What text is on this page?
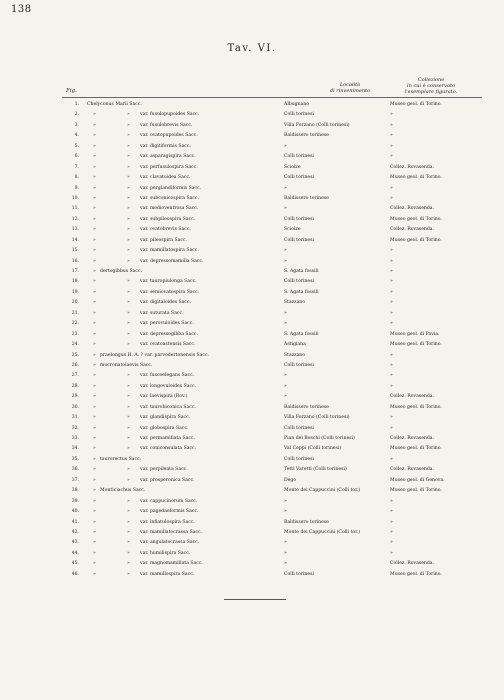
138
Tav. VI.
Fig.
Località
di rinvenimento
Collezione
in cui è conservato
l'esemplare figurato.
1. Chelyconus Marii Sacc.	Albugnano	Museo geol. di Torino.
2.	»	» var. fusulopupoides Sacc.	Colli torinesi	»
3.	»	» var. fusulobrevis Sacc.	Villa Forzano (Colli torinesi)	»
4.	»	» var. ovatopupoides Sacc.	Baldissero torinese	»
5.	»	» var. digitiformis Sacc.	»	»
6.	»	» var. asparagispira Sacc.	Colli torinesi	»
7.	»	» var. perfusulospira Sacc.	Sciolze	Collez. Rovasenda.
8.	»	» var. clavatoidea Sacc.	Colli torinesi	Museo geol. di Torino.
9.	»	» var. pergiandiformis Sacc.	»	»
10.	»	» var. subconicospira Sacc.	Baldissero torinese	»
11.	»	» var. medioventrosa Sacc.	»	Collez. Rovasenda.
12.	»	» var. subpileospira Sacc.	Colli torinesi	Museo geol. di Torino.
13.	»	» var. ovatobrevis Sacc.	Sciolze	Collez. Rovasenda.
14.	»	» var. pileospira Sacc.	Colli torinesi	Museo geol. di Torino.
15.	»	» var. mamillatospira Sacc.	»	»
16.	»	» var. depressomamilla Sacc.	»	»
17.	» dertogibbus Sacc.	S. Agata fossili	»
18.	»	» var. tauropiulonga Sacc.	Colli torinesi	»
19.	»	» var. semiovatospira Sacc.	S. Agata fossili	»
20.	»	» var. digitaloides Sacc.	Stazzano	»
21.	»	» var. suturata Sacc.	»	»
22.	»	» var. perovuloides Sacc.	»	»
23.	»	» var. depressogibba Sacc.	S. Agata fossili	Museo geol. di Pavia.
24.	»	» var. ovatoastensis Sacc.	Astigiana	Museo geol. di Torino.
25.	» praelongus H. A. ? var. parvodertonensis Sacc.	Stazzano	»
26.	» mucronatolaevis Sacc.	Colli torinesi	»
27.	»	» var. fuscoelegans Sacc.	»	»
28.	»	» var. longovuloides Sacc.	»	»
29.	»	» var. laevispira (Rov.)	»	Collez. Rovasenda.
30.	»	» var. taurobiconica Sacc.	Baldissero torinese	Museo geol. di Torino.
31.	»	» var. glandispira Sacc.	Villa Forzano (Colli torinesi)	»
32.	»	» var. globospira Sacc.	Colli torinesi	»
33.	»	» var. permamillata Sacc.	Pian dei Boschi (Colli torinesi)	Collez. Rovasenda.
34.	»	» var. coniconsulata Sacc.	Val Ceppi (Colli torinesi)	Museo geol. di Torino.
35.	» taurorectus Sacc.	Colli torinesi	»
36.	»	» var. perpileata Sacc.	Tetti Varetti (Colli torinesi)	Collez. Rovasenda.
37.	»	» var. prosperonica Sacc.	Dego	Museo geol. di Genova.
38.	» Monticiachus Sacc.	Monte dei Cappuccini (Colli tor.)	Museo geol. di Torino.
39.	»	» var. cappucinorum Sacc.	»	»
40.	»	» var. pagedaeformis Sacc.	»	»
41.	»	» var. inflatulospira Sacc.	Baldissero torinese	»
42.	»	» var. mamillatocrassa Sacc.	Monte dei Cappuccini (Colli tor.)	»
43.	»	» var. angulatocrassa Sacc.	»	»
44.	»	» var. humilispira Sacc.	»	»
45.	»	» var. magnomamillata Sacc.	»	Collez. Rovasenda.
46.	»	» var. mamillospira Sacc.	Colli torinesi	Museo geol. di Torino.
